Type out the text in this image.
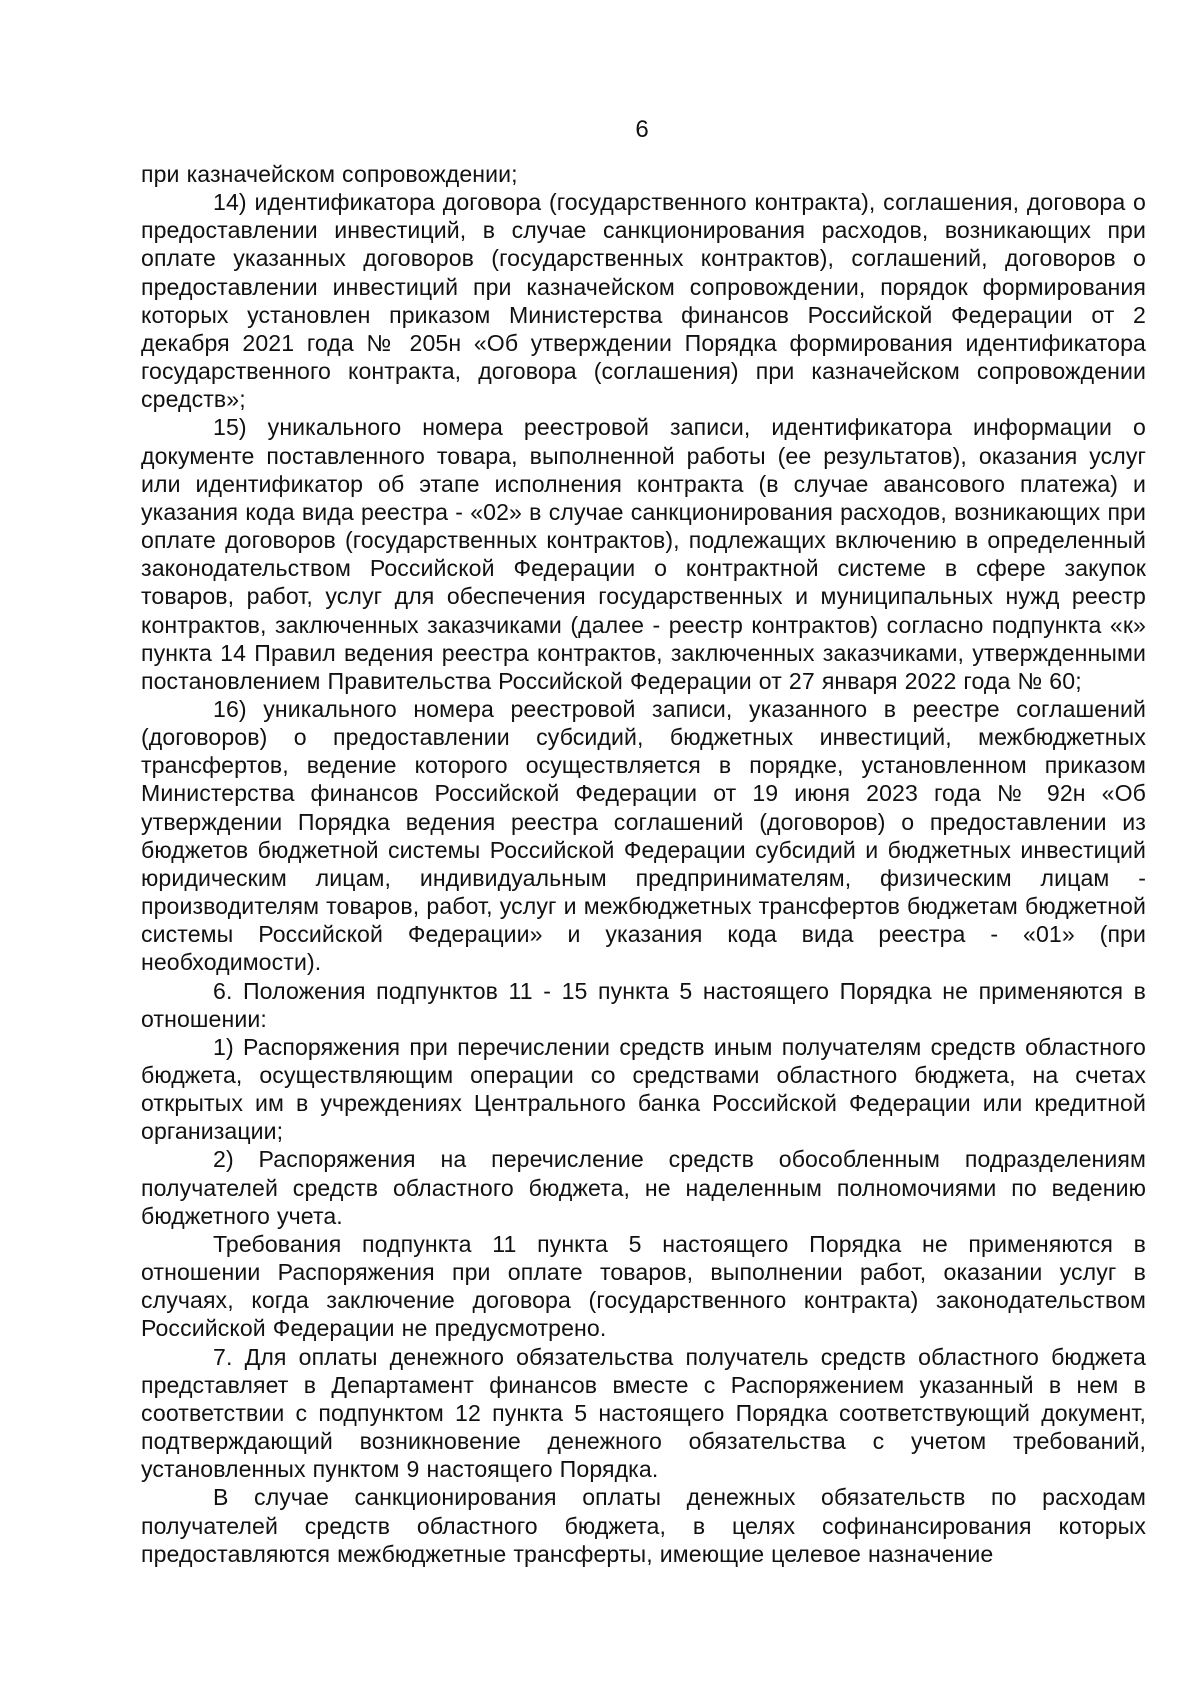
6

при казначейском сопровождении;

14) идентификатора договора (государственного контракта), соглашения, договора о предоставлении инвестиций, в случае санкционирования расходов, возникающих при оплате указанных договоров (государственных контрактов), соглашений, договоров о предоставлении инвестиций при казначейском сопровождении, порядок формирования которых установлен приказом Министерства финансов Российской Федерации от 2 декабря 2021 года № 205н «Об утверждении Порядка формирования идентификатора государственного контракта, договора (соглашения) при казначейском сопровождении средств»;

15) уникального номера реестровой записи, идентификатора информации о документе поставленного товара, выполненной работы (ее результатов), оказания услуг или идентификатор об этапе исполнения контракта (в случае авансового платежа) и указания кода вида реестра - «02» в случае санкционирования расходов, возникающих при оплате договоров (государственных контрактов), подлежащих включению в определенный законодательством Российской Федерации о контрактной системе в сфере закупок товаров, работ, услуг для обеспечения государственных и муниципальных нужд реестр контрактов, заключенных заказчиками (далее - реестр контрактов) согласно подпункта «к» пункта 14 Правил ведения реестра контрактов, заключенных заказчиками, утвержденными постановлением Правительства Российской Федерации от 27 января 2022 года № 60;

16) уникального номера реестровой записи, указанного в реестре соглашений (договоров) о предоставлении субсидий, бюджетных инвестиций, межбюджетных трансфертов, ведение которого осуществляется в порядке, установленном приказом Министерства финансов Российской Федерации от 19 июня 2023 года № 92н «Об утверждении Порядка ведения реестра соглашений (договоров) о предоставлении из бюджетов бюджетной системы Российской Федерации субсидий и бюджетных инвестиций юридическим лицам, индивидуальным предпринимателям, физическим лицам - производителям товаров, работ, услуг и межбюджетных трансфертов бюджетам бюджетной системы Российской Федерации» и указания кода вида реестра - «01» (при необходимости).

6. Положения подпунктов 11 - 15 пункта 5 настоящего Порядка не применяются в отношении:

1) Распоряжения при перечислении средств иным получателям средств областного бюджета, осуществляющим операции со средствами областного бюджета, на счетах открытых им в учреждениях Центрального банка Российской Федерации или кредитной организации;

2) Распоряжения на перечисление средств обособленным подразделениям получателей средств областного бюджета, не наделенным полномочиями по ведению бюджетного учета.

Требования подпункта 11 пункта 5 настоящего Порядка не применяются в отношении Распоряжения при оплате товаров, выполнении работ, оказании услуг в случаях, когда заключение договора (государственного контракта) законодательством Российской Федерации не предусмотрено.

7. Для оплаты денежного обязательства получатель средств областного бюджета представляет в Департамент финансов вместе с Распоряжением указанный в нем в соответствии с подпунктом 12 пункта 5 настоящего Порядка соответствующий документ, подтверждающий возникновение денежного обязательства с учетом требований, установленных пунктом 9 настоящего Порядка.

В случае санкционирования оплаты денежных обязательств по расходам получателей средств областного бюджета, в целях софинансирования которых предоставляются межбюджетные трансферты, имеющие целевое назначение
